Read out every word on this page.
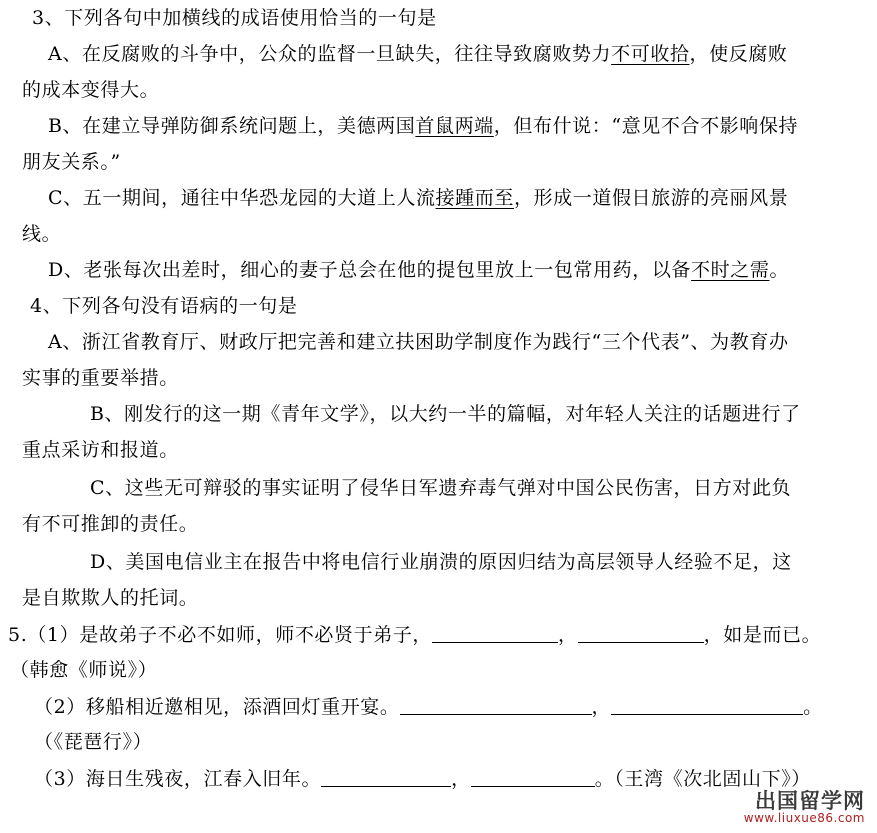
3、下列各句中加横线的成语使用恰当的一句是
A、在反腐败的斗争中，公众的监督一旦缺失，往往导致腐败势力不可收拾，使反腐败
的成本变得大。
B、在建立导弹防御系统问题上，美德两国首鼠两端，但布什说：“意见不合不影响保持
朋友关系。”
C、五一期间，通往中华恐龙园的大道上人流接踵而至，形成一道假日旅游的亮丽风景
线。
D、老张每次出差时，细心的妻子总会在他的提包里放上一包常用药，以备不时之需。
4、下列各句没有语病的一句是
A、浙江省教育厅、财政厅把完善和建立扶困助学制度作为践行“三个代表”、为教育办
实事的重要举措。
B、刚发行的这一期《青年文学》，以大约一半的篇幅，对年轻人关注的话题进行了
重点采访和报道。
C、这些无可辩驳的事实证明了侵华日军遗弃毒气弹对中国公民伤害，日方对此负
有不可推卸的责任。
D、美国电信业主在报告中将电信行业崩溃的原因归结为高层领导人经验不足，这
是自欺欺人的托词。
5.（1）是故弟子不必不如师，师不必贤于弟子，	，	，如是而已。
（韩愈《师说》）
（2）移船相近邀相见，添酒回灯重开宴。	，	。
（《琵琶行》）
（3）海日生残夜，江春入旧年。	，	。（王湾《次北固山下》）
出国留学网
www.liuxue86.com
